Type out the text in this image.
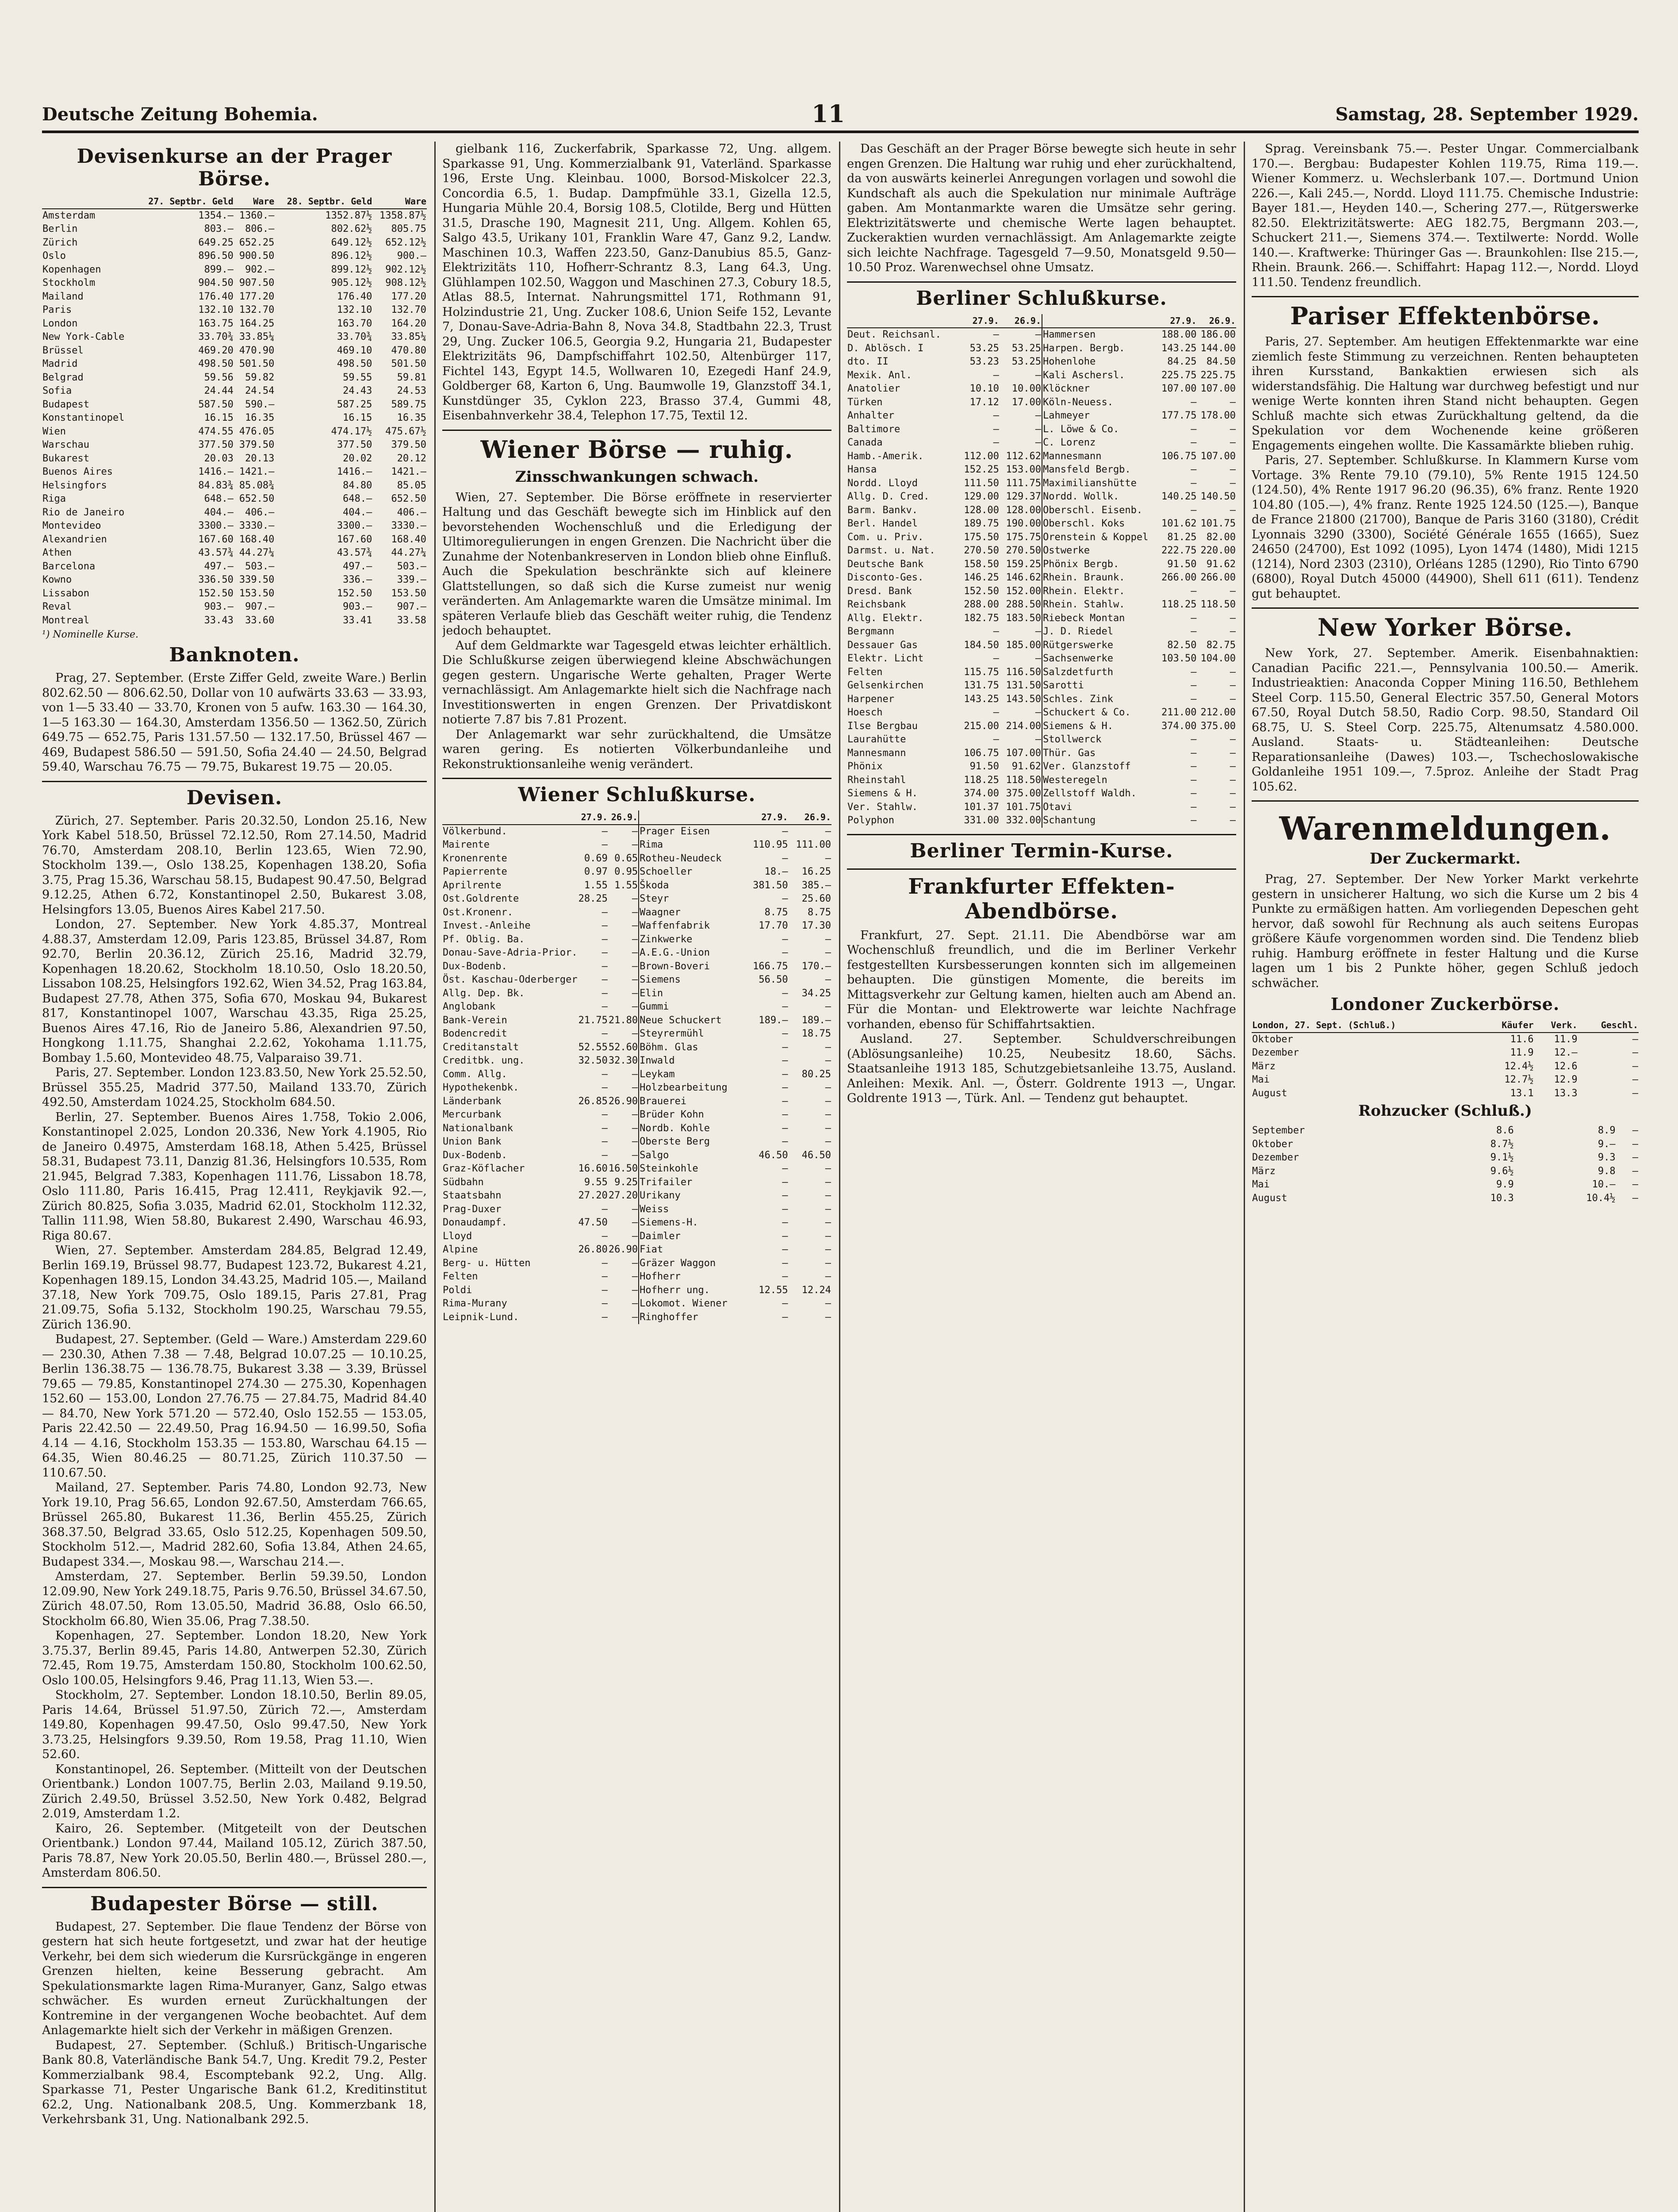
Deutsche Zeitung Bohemia.	11	Samstag, 28. September 1929.
Devisenkurse an der Prager Börse.
	27. Septbr. Geld	Ware	28. Septbr. Geld	Ware
Amsterdam	1354.—	1360.—	1352.87½	1358.87½
Berlin	803.—	806.—	802.62½	805.75
Zürich	649.25	652.25	649.12½	652.12½
Oslo	896.50	900.50	896.12½	900.—
Kopenhagen	899.—	902.—	899.12½	902.12½
Stockholm	904.50	907.50	905.12½	908.12½
Mailand	176.40	177.20	176.40	177.20
Paris	132.10	132.70	132.10	132.70
London	163.75	164.25	163.70	164.20
New York-Cable	33.70¾	33.85¼	33.70¾	33.85¼
Brüssel	469.20	470.90	469.10	470.80
Madrid	498.50	501.50	498.50	501.50
Belgrad	59.56	59.82	59.55	59.81
Sofia	24.44	24.54	24.43	24.53
Budapest	587.50	590.—	587.25	589.75
Konstantinopel	16.15	16.35	16.15	16.35
Wien	474.55	476.05	474.17½	475.67½
Warschau	377.50	379.50	377.50	379.50
Bukarest	20.03	20.13	20.02	20.12
Buenos Aires	1416.—	1421.—	1416.—	1421.—
Helsingfors	84.83¾	85.08¾	84.80	85.05
Riga	648.—	652.50	648.—	652.50
Rio de Janeiro	404.—	406.—	404.—	406.—
Montevideo	3300.—	3330.—	3300.—	3330.—
Alexandrien	167.60	168.40	167.60	168.40
Athen	43.57¾	44.27¼	43.57¾	44.27¼
Barcelona	497.—	503.—	497.—	503.—
Kowno	336.50	339.50	336.—	339.—
Lissabon	152.50	153.50	152.50	153.50
Reval	903.—	907.—	903.—	907.—
Montreal	33.43	33.60	33.41	33.58
¹) Nominelle Kurse.
Banknoten.

Prag, 27. September. (Erste Ziffer Geld, zweite Ware.) Berlin 802.62.50 — 806.62.50, Dollar von 10 aufwärts 33.63 — 33.93, von 1—5 33.40 — 33.70, Kronen von 5 aufw. 163.30 — 164.30, 1—5 163.30 — 164.30, Amsterdam 1356.50 — 1362.50, Zürich 649.75 — 652.75, Paris 131.57.50 — 132.17.50, Brüssel 467 — 469, Budapest 586.50 — 591.50, Sofia 24.40 — 24.50, Belgrad 59.40, Warschau 76.75 — 79.75, Bukarest 19.75 — 20.05.

Devisen.

Zürich, 27. September. Paris 20.32.50, London 25.16, New York Kabel 518.50, Brüssel 72.12.50, Rom 27.14.50, Madrid 76.70, Amsterdam 208.10, Berlin 123.65, Wien 72.90, Stockholm 139.—, Oslo 138.25, Kopenhagen 138.20, Sofia 3.75, Prag 15.36, Warschau 58.15, Budapest 90.47.50, Belgrad 9.12.25, Athen 6.72, Konstantinopel 2.50, Bukarest 3.08, Helsingfors 13.05, Buenos Aires Kabel 217.50.

London, 27. September. New York 4.85.37, Montreal 4.88.37, Amsterdam 12.09, Paris 123.85, Brüssel 34.87, Rom 92.70, Berlin 20.36.12, Zürich 25.16, Madrid 32.79, Kopenhagen 18.20.62, Stockholm 18.10.50, Oslo 18.20.50, Lissabon 108.25, Helsingfors 192.62, Wien 34.52, Prag 163.84, Budapest 27.78, Athen 375, Sofia 670, Moskau 94, Bukarest 817, Konstantinopel 1007, Warschau 43.35, Riga 25.25, Buenos Aires 47.16, Rio de Janeiro 5.86, Alexandrien 97.50, Hongkong 1.11.75, Shanghai 2.2.62, Yokohama 1.11.75, Bombay 1.5.60, Montevideo 48.75, Valparaiso 39.71.

Paris, 27. September. London 123.83.50, New York 25.52.50, Brüssel 355.25, Madrid 377.50, Mailand 133.70, Zürich 492.50, Amsterdam 1024.25, Stockholm 684.50.

Berlin, 27. September. Buenos Aires 1.758, Tokio 2.006, Konstantinopel 2.025, London 20.336, New York 4.1905, Rio de Janeiro 0.4975, Amsterdam 168.18, Athen 5.425, Brüssel 58.31, Budapest 73.11, Danzig 81.36, Helsingfors 10.535, Rom 21.945, Belgrad 7.383, Kopenhagen 111.76, Lissabon 18.78, Oslo 111.80, Paris 16.415, Prag 12.411, Reykjavik 92.—, Zürich 80.825, Sofia 3.035, Madrid 62.01, Stockholm 112.32, Tallin 111.98, Wien 58.80, Bukarest 2.490, Warschau 46.93, Riga 80.67.

Wien, 27. September. Amsterdam 284.85, Belgrad 12.49, Berlin 169.19, Brüssel 98.77, Budapest 123.72, Bukarest 4.21, Kopenhagen 189.15, London 34.43.25, Madrid 105.—, Mailand 37.18, New York 709.75, Oslo 189.15, Paris 27.81, Prag 21.09.75, Sofia 5.132, Stockholm 190.25, Warschau 79.55, Zürich 136.90.

Budapest, 27. September. (Geld — Ware.) Amsterdam 229.60 — 230.30, Athen 7.38 — 7.48, Belgrad 10.07.25 — 10.10.25, Berlin 136.38.75 — 136.78.75, Bukarest 3.38 — 3.39, Brüssel 79.65 — 79.85, Konstantinopel 274.30 — 275.30, Kopenhagen 152.60 — 153.00, London 27.76.75 — 27.84.75, Madrid 84.40 — 84.70, New York 571.20 — 572.40, Oslo 152.55 — 153.05, Paris 22.42.50 — 22.49.50, Prag 16.94.50 — 16.99.50, Sofia 4.14 — 4.16, Stockholm 153.35 — 153.80, Warschau 64.15 — 64.35, Wien 80.46.25 — 80.71.25, Zürich 110.37.50 — 110.67.50.

Mailand, 27. September. Paris 74.80, London 92.73, New York 19.10, Prag 56.65, London 92.67.50, Amsterdam 766.65, Brüssel 265.80, Bukarest 11.36, Berlin 455.25, Zürich 368.37.50, Belgrad 33.65, Oslo 512.25, Kopenhagen 509.50, Stockholm 512.—, Madrid 282.60, Sofia 13.84, Athen 24.65, Budapest 334.—, Moskau 98.—, Warschau 214.—.

Amsterdam, 27. September. Berlin 59.39.50, London 12.09.90, New York 249.18.75, Paris 9.76.50, Brüssel 34.67.50, Zürich 48.07.50, Rom 13.05.50, Madrid 36.88, Oslo 66.50, Stockholm 66.80, Wien 35.06, Prag 7.38.50.

Kopenhagen, 27. September. London 18.20, New York 3.75.37, Berlin 89.45, Paris 14.80, Antwerpen 52.30, Zürich 72.45, Rom 19.75, Amsterdam 150.80, Stockholm 100.62.50, Oslo 100.05, Helsingfors 9.46, Prag 11.13, Wien 53.—.

Stockholm, 27. September. London 18.10.50, Berlin 89.05, Paris 14.64, Brüssel 51.97.50, Zürich 72.—, Amsterdam 149.80, Kopenhagen 99.47.50, Oslo 99.47.50, New York 3.73.25, Helsingfors 9.39.50, Rom 19.58, Prag 11.10, Wien 52.60.

Konstantinopel, 26. September. (Mitteilt von der Deutschen Orientbank.) London 1007.75, Berlin 2.03, Mailand 9.19.50, Zürich 2.49.50, Brüssel 3.52.50, New York 0.482, Belgrad 2.019, Amsterdam 1.2.

Kairo, 26. September. (Mitgeteilt von der Deutschen Orientbank.) London 97.44, Mailand 105.12, Zürich 387.50, Paris 78.87, New York 20.05.50, Berlin 480.—, Brüssel 280.—, Amsterdam 806.50.

Budapester Börse — still.

Budapest, 27. September. Die flaue Tendenz der Börse von gestern hat sich heute fortgesetzt, und zwar hat der heutige Verkehr, bei dem sich wiederum die Kursrückgänge in engeren Grenzen hielten, keine Besserung gebracht. Am Spekulationsmarkte lagen Rima-Muranyer, Ganz, Salgo etwas schwächer. Es wurden erneut Zurückhaltungen der Kontremine in der vergangenen Woche beobachtet. Auf dem Anlagemarkte hielt sich der Verkehr in mäßigen Grenzen.

Budapest, 27. September. (Schluß.) Britisch-Ungarische Bank 80.8, Vaterländische Bank 54.7, Ung. Kredit 79.2, Pester Kommerzialbank 98.4, Escomptebank 92.2, Ung. Allg. Sparkasse 71, Pester Ungarische Bank 61.2, Kreditinstitut 62.2, Ung. Nationalbank 208.5, Ung. Kommerzbank 18, Verkehrsbank 31, Ung. Nationalbank 292.5.

gielbank 116, Zuckerfabrik, Sparkasse 72, Ung. allgem. Sparkasse 91, Ung. Kommerzialbank 91, Vaterländ. Sparkasse 196, Erste Ung. Kleinbau. 1000, Borsod-Miskolcer 22.3, Concordia 6.5, 1. Budap. Dampfmühle 33.1, Gizella 12.5, Hungaria Mühle 20.4, Borsig 108.5, Clotilde, Berg und Hütten 31.5, Drasche 190, Magnesit 211, Ung. Allgem. Kohlen 65, Salgo 43.5, Urikany 101, Franklin Ware 47, Ganz 9.2, Landw. Maschinen 10.3, Waffen 223.50, Ganz-Danubius 85.5, Ganz-Elektrizitäts 110, Hofherr-Schrantz 8.3, Lang 64.3, Ung. Glühlampen 102.50, Waggon und Maschinen 27.3, Cobury 18.5, Atlas 88.5, Internat. Nahrungsmittel 171, Rothmann 91, Holzindustrie 21, Ung. Zucker 108.6, Union Seife 152, Levante 7, Donau-Save-Adria-Bahn 8, Nova 34.8, Stadtbahn 22.3, Trust 29, Ung. Zucker 106.5, Georgia 9.2, Hungaria 21, Budapester Elektrizitäts 96, Dampfschiffahrt 102.50, Altenbürger 117, Fichtel 143, Egypt 14.5, Wollwaren 10, Ezegedi Hanf 24.9, Goldberger 68, Karton 6, Ung. Baumwolle 19, Glanzstoff 34.1, Kunstdünger 35, Cyklon 223, Brasso 37.4, Gummi 48, Eisenbahnverkehr 38.4, Telephon 17.75, Textil 12.

Wiener Börse — ruhig.
Zinsschwankungen schwach.

Wien, 27. September. Die Börse eröffnete in reservierter Haltung und das Geschäft bewegte sich im Hinblick auf den bevorstehenden Wochenschluß und die Erledigung der Ultimoregulierungen in engen Grenzen. Die Nachricht über die Zunahme der Notenbankreserven in London blieb ohne Einfluß. Auch die Spekulation beschränkte sich auf kleinere Glattstellungen, so daß sich die Kurse zumeist nur wenig veränderten. Am Anlagemarkte waren die Umsätze minimal. Im späteren Verlaufe blieb das Geschäft weiter ruhig, die Tendenz jedoch behauptet.

Auf dem Geldmarkte war Tagesgeld etwas leichter erhältlich. Die Schlußkurse zeigen überwiegend kleine Abschwächungen gegen gestern. Ungarische Werte gehalten, Prager Werte vernachlässigt. Am Anlagemarkte hielt sich die Nachfrage nach Investitionswerten in engen Grenzen. Der Privatdiskont notierte 7.87 bis 7.81 Prozent.

Der Anlagemarkt war sehr zurückhaltend, die Umsätze waren gering. Es notierten Völkerbundanleihe und Rekonstruktionsanleihe wenig verändert.

Wiener Schlußkurse.
	27.9.	26.9.
Völkerbund.	—	—
Mairente	—	—
Kronenrente	0.69	0.65
Papierrente	0.97	0.95
Aprilrente	1.55	1.55
Ost.Goldrente	28.25	—
Ost.Kronenr.	—	—
Invest.-Anleihe	—	—
Pf. Oblig. Ba.	—	—
Donau-Save-Adria-Prior.	—	—
Dux-Bodenb.	—	—
Öst. Kaschau-Oderberger	—	—
Allg. Dep. Bk.	—	—
Anglobank	—	—
Bank-Verein	21.75	21.80
Bodencredit	—	—
Creditanstalt	52.55	52.60
Creditbk. ung.	32.50	32.30
Comm. Allg.	—	—
Hypothekenbk.	—	—
Länderbank	26.85	26.90
Mercurbank	—	—
Nationalbank	—	—
Union Bank	—	—
Dux-Bodenb.	—	—
Graz-Köflacher	16.60	16.50
Südbahn	9.55	9.25
Staatsbahn	27.20	27.20
Prag-Duxer	—	—
Donaudampf.	47.50	—
Lloyd	—	—
Alpine	26.80	26.90
Berg- u. Hütten	—	—
Felten	—	—
Poldi	—	—
Rima-Murany	—	—
Leipnik-Lund.	—	—
	27.9.	26.9.
Prager Eisen	—	—
Rima	110.95	111.00
Rotheu-Neudeck	—	—
Schoeller	18.—	16.25
Škoda	381.50	385.—
Steyr	—	25.60
Waagner	8.75	8.75
Waffenfabrik	17.70	17.30
Zinkwerke	—	—
A.E.G.-Union	—	—
Brown-Boveri	166.75	170.—
Siemens	56.50	—
Elin	—	34.25
Gummi	—	—
Neue Schuckert	189.—	189.—
Steyrermühl	—	18.75
Böhm. Glas	—	—
Inwald	—	—
Leykam	—	80.25
Holzbearbeitung	—	—
Brauerei	—	—
Brüder Kohn	—	—
Nordb. Kohle	—	—
Oberste Berg	—	—
Salgo	46.50	46.50
Steinkohle	—	—
Trifailer	—	—
Urikany	—	—
Weiss	—	—
Siemens-H.	—	—
Daimler	—	—
Fiat	—	—
Gräzer Waggon	—	—
Hofherr	—	—
Hofherr ung.	12.55	12.24
Lokomot. Wiener	—	—
Ringhoffer	—	—

Das Geschäft an der Prager Börse bewegte sich heute in sehr engen Grenzen. Die Haltung war ruhig und eher zurückhaltend, da von auswärts keinerlei Anregungen vorlagen und sowohl die Kundschaft als auch die Spekulation nur minimale Aufträge gaben. Am Montanmarkte waren die Umsätze sehr gering. Elektrizitätswerte und chemische Werte lagen behauptet. Zuckeraktien wurden vernachlässigt. Am Anlagemarkte zeigte sich leichte Nachfrage. Tagesgeld 7—9.50, Monatsgeld 9.50—10.50 Proz. Warenwechsel ohne Umsatz.

Berliner Schlußkurse.
	27.9.	26.9.
Deut. Reichsanl.	—	—
D. Ablösch. I	53.25	53.25
dto. II	53.23	53.25
Mexik. Anl.	—	—
Anatolier	10.10	10.00
Türken	17.12	17.00
Anhalter	—	—
Baltimore	—	—
Canada	—	—
Hamb.-Amerik.	112.00	112.62
Hansa	152.25	153.00
Nordd. Lloyd	111.50	111.75
Allg. D. Cred.	129.00	129.37
Barm. Bankv.	128.00	128.00
Berl. Handel	189.75	190.00
Com. u. Priv.	175.50	175.75
Darmst. u. Nat.	270.50	270.50
Deutsche Bank	158.50	159.25
Disconto-Ges.	146.25	146.62
Dresd. Bank	152.50	152.00
Reichsbank	288.00	288.50
Allg. Elektr.	182.75	183.50
Bergmann	—	—
Dessauer Gas	184.50	185.00
Elektr. Licht	—	—
Felten	115.75	116.50
Gelsenkirchen	131.75	131.50
Harpener	143.25	143.50
Hoesch	—	—
Ilse Bergbau	215.00	214.00
Laurahütte	—	—
Mannesmann	106.75	107.00
Phönix	91.50	91.62
Rheinstahl	118.25	118.50
Siemens & H.	374.00	375.00
Ver. Stahlw.	101.37	101.75
Polyphon	331.00	332.00
	27.9.	26.9.
Hammersen	188.00	186.00
Harpen. Bergb.	143.25	144.00
Hohenlohe	84.25	84.50
Kali Aschersl.	225.75	225.75
Klöckner	107.00	107.00
Köln-Neuess.	—	—
Lahmeyer	177.75	178.00
L. Löwe & Co.	—	—
C. Lorenz	—	—
Mannesmann	106.75	107.00
Mansfeld Bergb.	—	—
Maximilianshütte	—	—
Nordd. Wollk.	140.25	140.50
Oberschl. Eisenb.	—	—
Oberschl. Koks	101.62	101.75
Orenstein & Koppel	81.25	82.00
Ostwerke	222.75	220.00
Phönix Bergb.	91.50	91.62
Rhein. Braunk.	266.00	266.00
Rhein. Elektr.	—	—
Rhein. Stahlw.	118.25	118.50
Riebeck Montan	—	—
J. D. Riedel	—	—
Rütgerswerke	82.50	82.75
Sachsenwerke	103.50	104.00
Salzdetfurth	—	—
Sarotti	—	—
Schles. Zink	—	—
Schuckert & Co.	211.00	212.00
Siemens & H.	374.00	375.00
Stollwerck	—	—
Thür. Gas	—	—
Ver. Glanzstoff	—	—
Westeregeln	—	—
Zellstoff Waldh.	—	—
Otavi	—	—
Schantung	—	—
Berliner Termin-Kurse.
Frankfurter Effekten-Abendbörse.

Frankfurt, 27. Sept. 21.11. Die Abendbörse war am Wochenschluß freundlich, und die im Berliner Verkehr festgestellten Kursbesserungen konnten sich im allgemeinen behaupten. Die günstigen Momente, die bereits im Mittagsverkehr zur Geltung kamen, hielten auch am Abend an. Für die Montan- und Elektrowerte war leichte Nachfrage vorhanden, ebenso für Schiffahrtsaktien.

Ausland. 27. September. Schuldverschreibungen (Ablösungsanleihe) 10.25, Neubesitz 18.60, Sächs. Staatsanleihe 1913 185, Schutzgebietsanleihe 13.75, Ausland. Anleihen: Mexik. Anl. —, Österr. Goldrente 1913 —, Ungar. Goldrente 1913 —, Türk. Anl. — Tendenz gut behauptet.

Sprag. Vereinsbank 75.—. Pester Ungar. Commercialbank 170.—. Bergbau: Budapester Kohlen 119.75, Rima 119.—. Wiener Kommerz. u. Wechslerbank 107.—. Dortmund Union 226.—, Kali 245.—, Nordd. Lloyd 111.75. Chemische Industrie: Bayer 181.—, Heyden 140.—, Schering 277.—, Rütgerswerke 82.50. Elektrizitätswerte: AEG 182.75, Bergmann 203.—, Schuckert 211.—, Siemens 374.—. Textilwerte: Nordd. Wolle 140.—. Kraftwerke: Thüringer Gas —. Braunkohlen: Ilse 215.—, Rhein. Braunk. 266.—. Schiffahrt: Hapag 112.—, Nordd. Lloyd 111.50. Tendenz freundlich.

Pariser Effektenbörse.

Paris, 27. September. Am heutigen Effektenmarkte war eine ziemlich feste Stimmung zu verzeichnen. Renten behaupteten ihren Kursstand, Bankaktien erwiesen sich als widerstandsfähig. Die Haltung war durchweg befestigt und nur wenige Werte konnten ihren Stand nicht behaupten. Gegen Schluß machte sich etwas Zurückhaltung geltend, da die Spekulation vor dem Wochenende keine größeren Engagements eingehen wollte. Die Kassamärkte blieben ruhig.

Paris, 27. September. Schlußkurse. In Klammern Kurse vom Vortage. 3% Rente 79.10 (79.10), 5% Rente 1915 124.50 (124.50), 4% Rente 1917 96.20 (96.35), 6% franz. Rente 1920 104.80 (105.—), 4% franz. Rente 1925 124.50 (125.—), Banque de France 21800 (21700), Banque de Paris 3160 (3180), Crédit Lyonnais 3290 (3300), Société Générale 1655 (1665), Suez 24650 (24700), Est 1092 (1095), Lyon 1474 (1480), Midi 1215 (1214), Nord 2303 (2310), Orléans 1285 (1290), Rio Tinto 6790 (6800), Royal Dutch 45000 (44900), Shell 611 (611). Tendenz gut behauptet.

New Yorker Börse.

New York, 27. September. Amerik. Eisenbahnaktien: Canadian Pacific 221.—, Pennsylvania 100.50.— Amerik. Industrieaktien: Anaconda Copper Mining 116.50, Bethlehem Steel Corp. 115.50, General Electric 357.50, General Motors 67.50, Royal Dutch 58.50, Radio Corp. 98.50, Standard Oil 68.75, U. S. Steel Corp. 225.75, Altenumsatz 4.580.000. Ausland. Staats- u. Städteanleihen: Deutsche Reparationsanleihe (Dawes) 103.—, Tschechoslowakische Goldanleihe 1951 109.—, 7.5proz. Anleihe der Stadt Prag 105.62.

Warenmeldungen.
Der Zuckermarkt.

Prag, 27. September. Der New Yorker Markt verkehrte gestern in unsicherer Haltung, wo sich die Kurse um 2 bis 4 Punkte zu ermäßigen hatten. Am vorliegenden Depeschen geht hervor, daß sowohl für Rechnung als auch seitens Europas größere Käufe vorgenommen worden sind. Die Tendenz blieb ruhig. Hamburg eröffnete in fester Haltung und die Kurse lagen um 1 bis 2 Punkte höher, gegen Schluß jedoch schwächer.

Londoner Zuckerbörse.
London, 27. Sept. (Schluß.)	Käufer	Verk.	Geschl.
Oktober	11.6	11.9	—
Dezember	11.9	12.—	—
März	12.4½	12.6	—
Mai	12.7½	12.9	—
August	13.1	13.3	—
Rohzucker (Schluß.)
September	8.6	8.9	—
Oktober	8.7½	9.—	—
Dezember	9.1½	9.3	—
März	9.6½	9.8	—
Mai	9.9	10.—	—
August	10.3	10.4½	—
